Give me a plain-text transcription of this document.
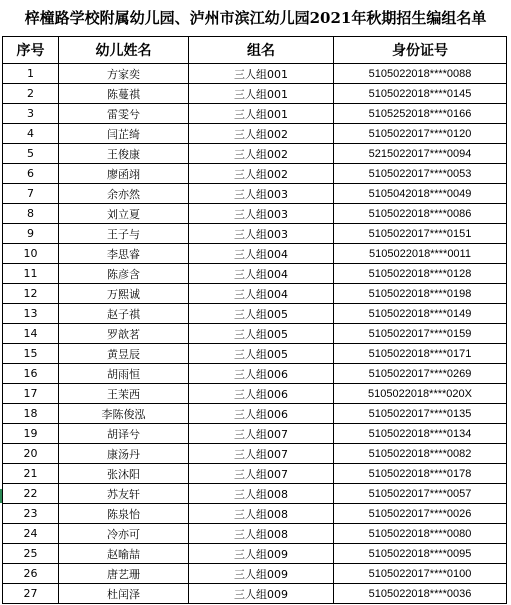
梓橦路学校附属幼儿园、泸州市滨江幼儿园2021年秋期招生编组名单
序号	幼儿姓名	组名	身份证号
1	方家奕	三人组001	5105022018****0088
2	陈蔓祺	三人组001	5105022018****0145
3	雷雯兮	三人组001	5105252018****0166
4	闫芷绮	三人组002	5105022017****0120
5	王俊康	三人组002	5215022017****0094
6	廖函翊	三人组002	5105022017****0053
7	余亦然	三人组003	5105042018****0049
8	刘立夏	三人组003	5105022018****0086
9	王子与	三人组003	5105022017****0151
10	李思睿	三人组004	5105022018****0011
11	陈彦含	三人组004	5105022018****0128
12	万熙诚	三人组004	5105022018****0198
13	赵子祺	三人组005	5105022018****0149
14	罗歆茗	三人组005	5105022017****0159
15	黄昱辰	三人组005	5105022018****0171
16	胡雨恒	三人组006	5105022017****0269
17	王茉西	三人组006	5105022018****020X
18	李陈俊泓	三人组006	5105022017****0135
19	胡译兮	三人组007	5105022018****0134
20	康汤丹	三人组007	5105022018****0082
21	张沐阳	三人组007	5105022018****0178
22	苏友轩	三人组008	5105022017****0057
23	陈泉怡	三人组008	5105022017****0026
24	冷亦可	三人组008	5105022018****0080
25	赵喻喆	三人组009	5105022018****0095
26	唐艺珊	三人组009	5105022017****0100
27	杜闰泽	三人组009	5105022018****0036
